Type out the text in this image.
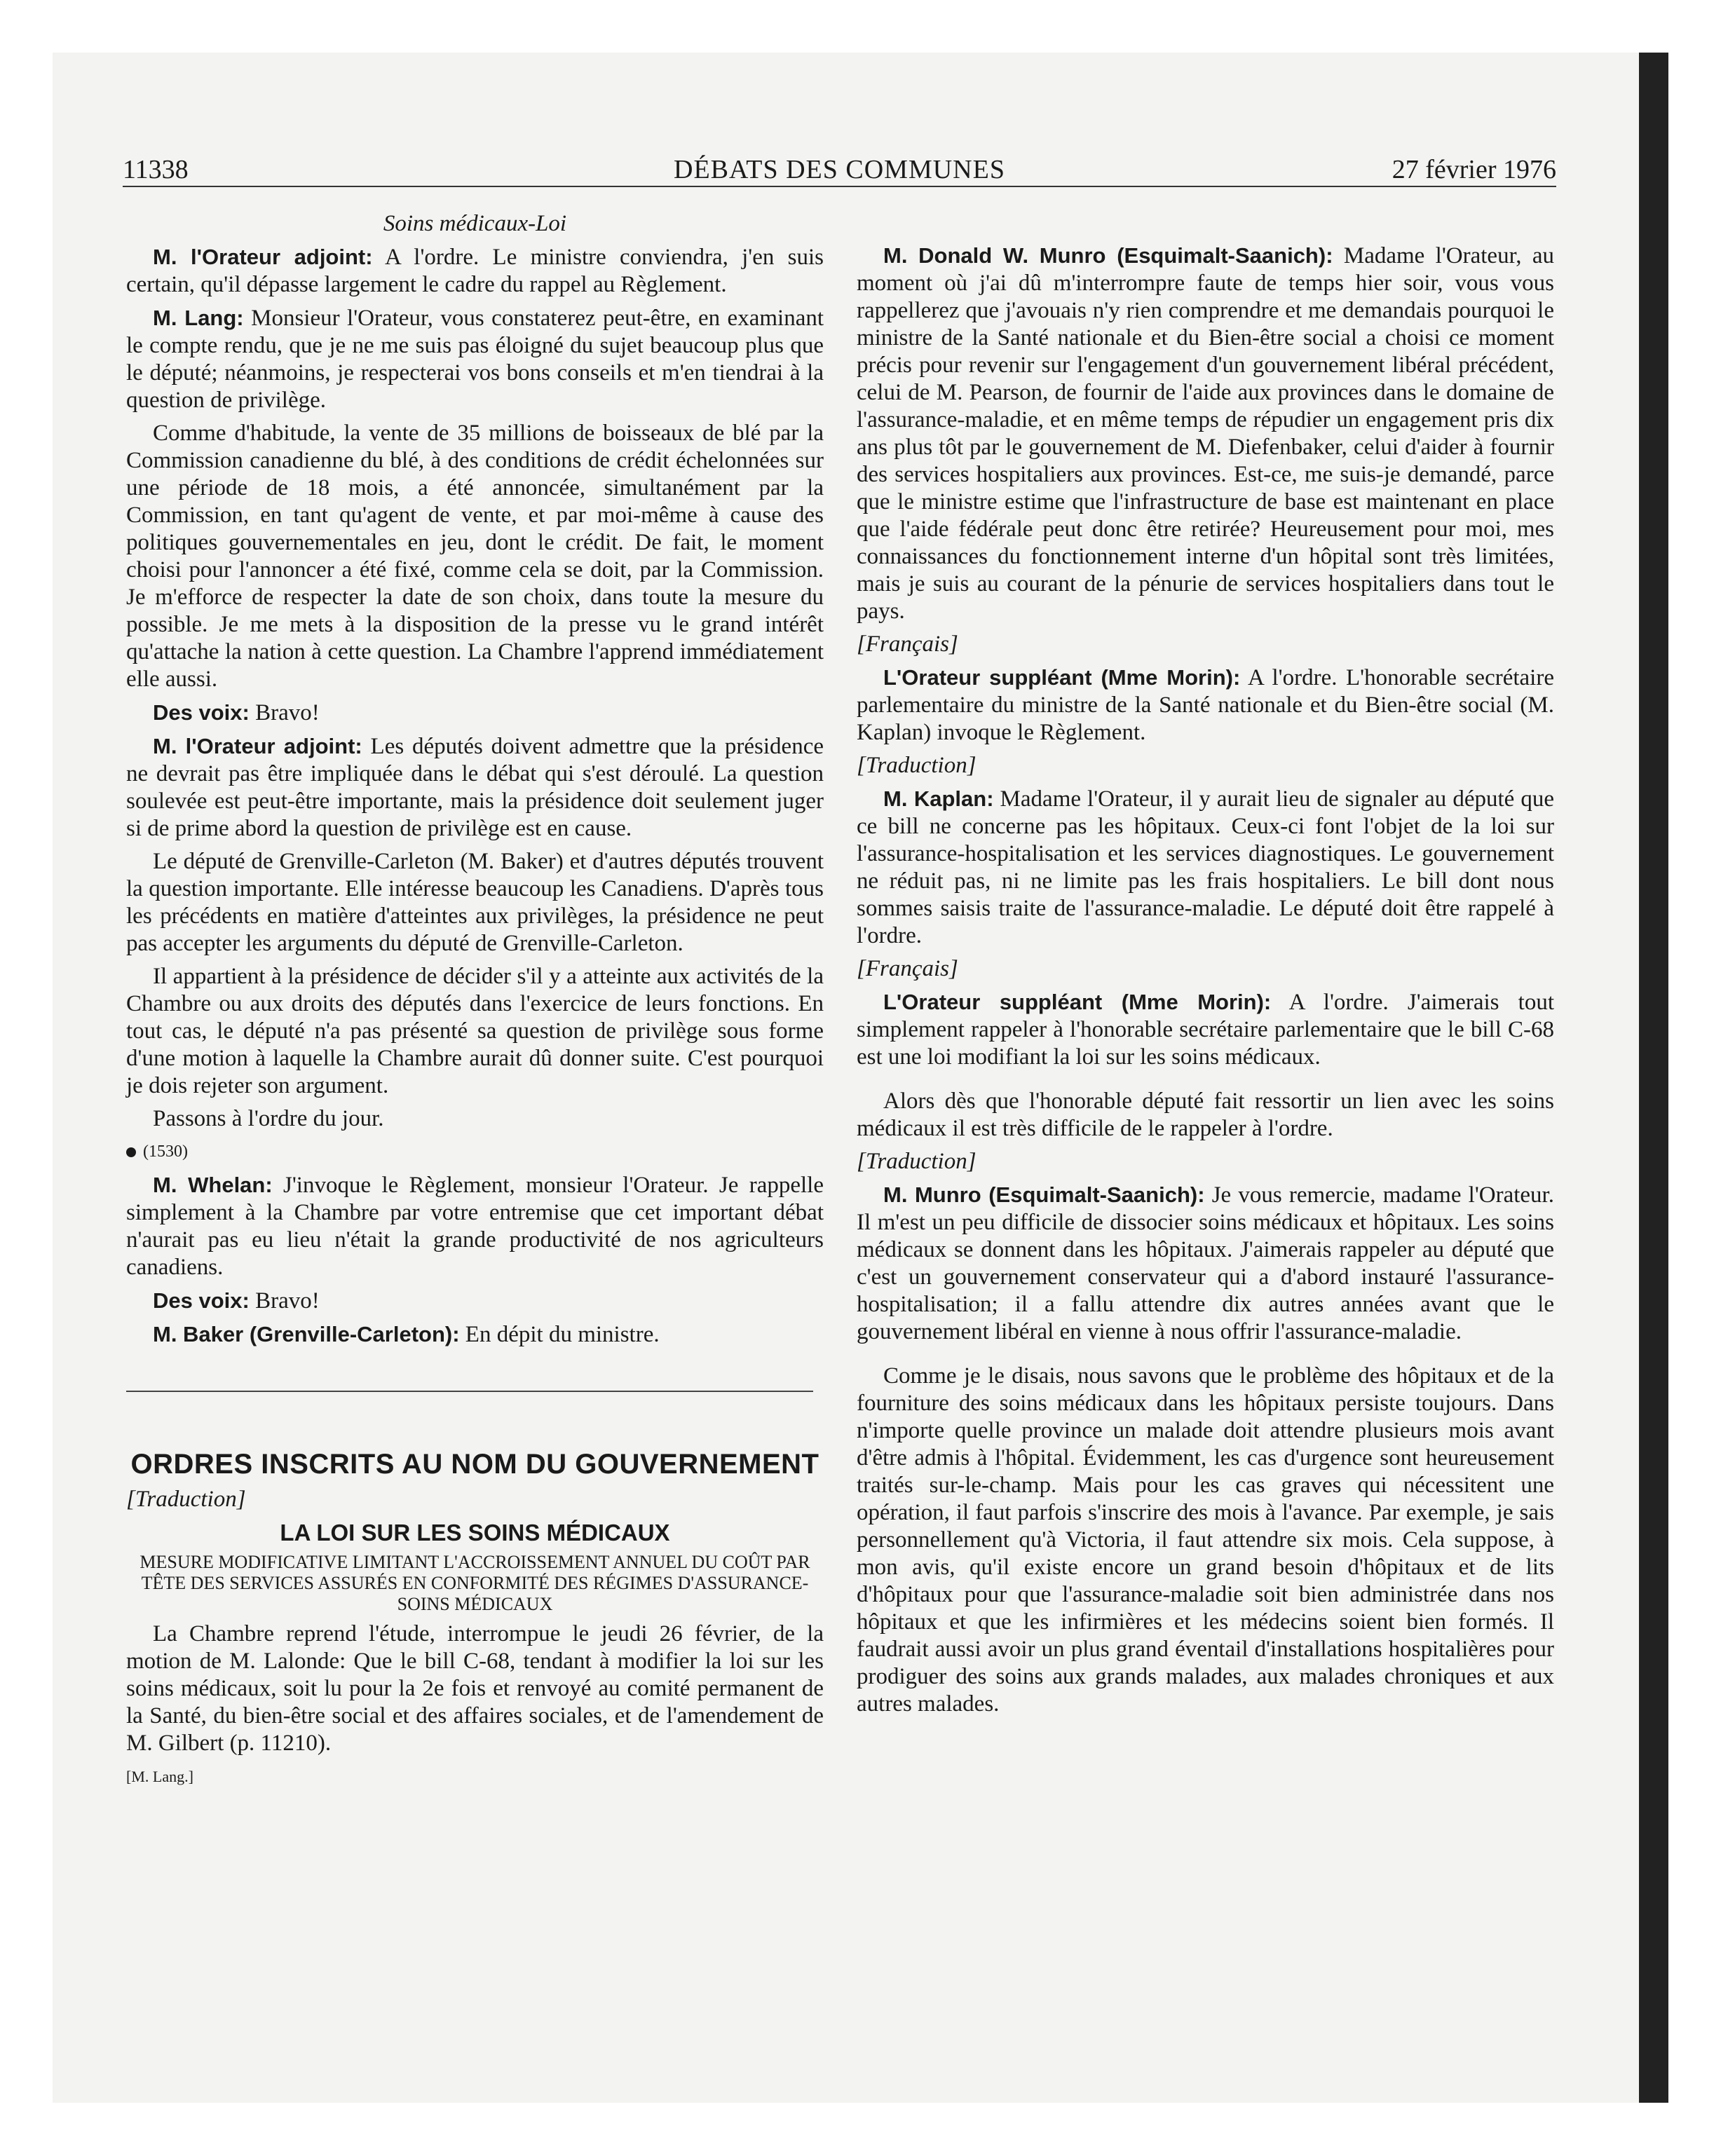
11338	DÉBATS DES COMMUNES	27 février 1976

Soins médicaux-Loi

M. l'Orateur adjoint: A l'ordre. Le ministre conviendra, j'en suis certain, qu'il dépasse largement le cadre du rappel au Règlement.

M. Lang: Monsieur l'Orateur, vous constaterez peut-être, en examinant le compte rendu, que je ne me suis pas éloigné du sujet beaucoup plus que le député; néanmoins, je respecterai vos bons conseils et m'en tiendrai à la question de privilège.

Comme d'habitude, la vente de 35 millions de boisseaux de blé par la Commission canadienne du blé, à des conditions de crédit échelonnées sur une période de 18 mois, a été annoncée, simultanément par la Commission, en tant qu'agent de vente, et par moi-même à cause des politiques gouvernementales en jeu, dont le crédit. De fait, le moment choisi pour l'annoncer a été fixé, comme cela se doit, par la Commission. Je m'efforce de respecter la date de son choix, dans toute la mesure du possible. Je me mets à la disposition de la presse vu le grand intérêt qu'attache la nation à cette question. La Chambre l'apprend immédiatement elle aussi.

Des voix: Bravo!

M. l'Orateur adjoint: Les députés doivent admettre que la présidence ne devrait pas être impliquée dans le débat qui s'est déroulé. La question soulevée est peut-être importante, mais la présidence doit seulement juger si de prime abord la question de privilège est en cause.

Le député de Grenville-Carleton (M. Baker) et d'autres députés trouvent la question importante. Elle intéresse beaucoup les Canadiens. D'après tous les précédents en matière d'atteintes aux privilèges, la présidence ne peut pas accepter les arguments du député de Grenville-Carleton.

Il appartient à la présidence de décider s'il y a atteinte aux activités de la Chambre ou aux droits des députés dans l'exercice de leurs fonctions. En tout cas, le député n'a pas présenté sa question de privilège sous forme d'une motion à laquelle la Chambre aurait dû donner suite. C'est pourquoi je dois rejeter son argument.

Passons à l'ordre du jour.

(1530)

M. Whelan: J'invoque le Règlement, monsieur l'Orateur. Je rappelle simplement à la Chambre par votre entremise que cet important débat n'aurait pas eu lieu n'était la grande productivité de nos agriculteurs canadiens.

Des voix: Bravo!

M. Baker (Grenville-Carleton): En dépit du ministre.

ORDRES INSCRITS AU NOM DU GOUVERNEMENT

[Traduction]

LA LOI SUR LES SOINS MÉDICAUX

MESURE MODIFICATIVE LIMITANT L'ACCROISSEMENT ANNUEL DU COÛT PAR TÊTE DES SERVICES ASSURÉS EN CONFORMITÉ DES RÉGIMES D'ASSURANCE-SOINS MÉDICAUX

La Chambre reprend l'étude, interrompue le jeudi 26 février, de la motion de M. Lalonde: Que le bill C-68, tendant à modifier la loi sur les soins médicaux, soit lu pour la 2e fois et renvoyé au comité permanent de la Santé, du bien-être social et des affaires sociales, et de l'amendement de M. Gilbert (p. 11210).

[M. Lang.]

M. Donald W. Munro (Esquimalt-Saanich): Madame l'Orateur, au moment où j'ai dû m'interrompre faute de temps hier soir, vous vous rappellerez que j'avouais n'y rien comprendre et me demandais pourquoi le ministre de la Santé nationale et du Bien-être social a choisi ce moment précis pour revenir sur l'engagement d'un gouvernement libéral précédent, celui de M. Pearson, de fournir de l'aide aux provinces dans le domaine de l'assurance-maladie, et en même temps de répudier un engagement pris dix ans plus tôt par le gouvernement de M. Diefenbaker, celui d'aider à fournir des services hospitaliers aux provinces. Est-ce, me suis-je demandé, parce que le ministre estime que l'infrastructure de base est maintenant en place que l'aide fédérale peut donc être retirée? Heureusement pour moi, mes connaissances du fonctionnement interne d'un hôpital sont très limitées, mais je suis au courant de la pénurie de services hospitaliers dans tout le pays.

[Français]

L'Orateur suppléant (Mme Morin): A l'ordre. L'honorable secrétaire parlementaire du ministre de la Santé nationale et du Bien-être social (M. Kaplan) invoque le Règlement.

[Traduction]

M. Kaplan: Madame l'Orateur, il y aurait lieu de signaler au député que ce bill ne concerne pas les hôpitaux. Ceux-ci font l'objet de la loi sur l'assurance-hospitalisation et les services diagnostiques. Le gouvernement ne réduit pas, ni ne limite pas les frais hospitaliers. Le bill dont nous sommes saisis traite de l'assurance-maladie. Le député doit être rappelé à l'ordre.

[Français]

L'Orateur suppléant (Mme Morin): A l'ordre. J'aimerais tout simplement rappeler à l'honorable secrétaire parlementaire que le bill C-68 est une loi modifiant la loi sur les soins médicaux.

Alors dès que l'honorable député fait ressortir un lien avec les soins médicaux il est très difficile de le rappeler à l'ordre.

[Traduction]

M. Munro (Esquimalt-Saanich): Je vous remercie, madame l'Orateur. Il m'est un peu difficile de dissocier soins médicaux et hôpitaux. Les soins médicaux se donnent dans les hôpitaux. J'aimerais rappeler au député que c'est un gouvernement conservateur qui a d'abord instauré l'assurance-hospitalisation; il a fallu attendre dix autres années avant que le gouvernement libéral en vienne à nous offrir l'assurance-maladie.

Comme je le disais, nous savons que le problème des hôpitaux et de la fourniture des soins médicaux dans les hôpitaux persiste toujours. Dans n'importe quelle province un malade doit attendre plusieurs mois avant d'être admis à l'hôpital. Évidemment, les cas d'urgence sont heureusement traités sur-le-champ. Mais pour les cas graves qui nécessitent une opération, il faut parfois s'inscrire des mois à l'avance. Par exemple, je sais personnellement qu'à Victoria, il faut attendre six mois. Cela suppose, à mon avis, qu'il existe encore un grand besoin d'hôpitaux et de lits d'hôpitaux pour que l'assurance-maladie soit bien administrée dans nos hôpitaux et que les infirmières et les médecins soient bien formés. Il faudrait aussi avoir un plus grand éventail d'installations hospitalières pour prodiguer des soins aux grands malades, aux malades chroniques et aux autres malades.
